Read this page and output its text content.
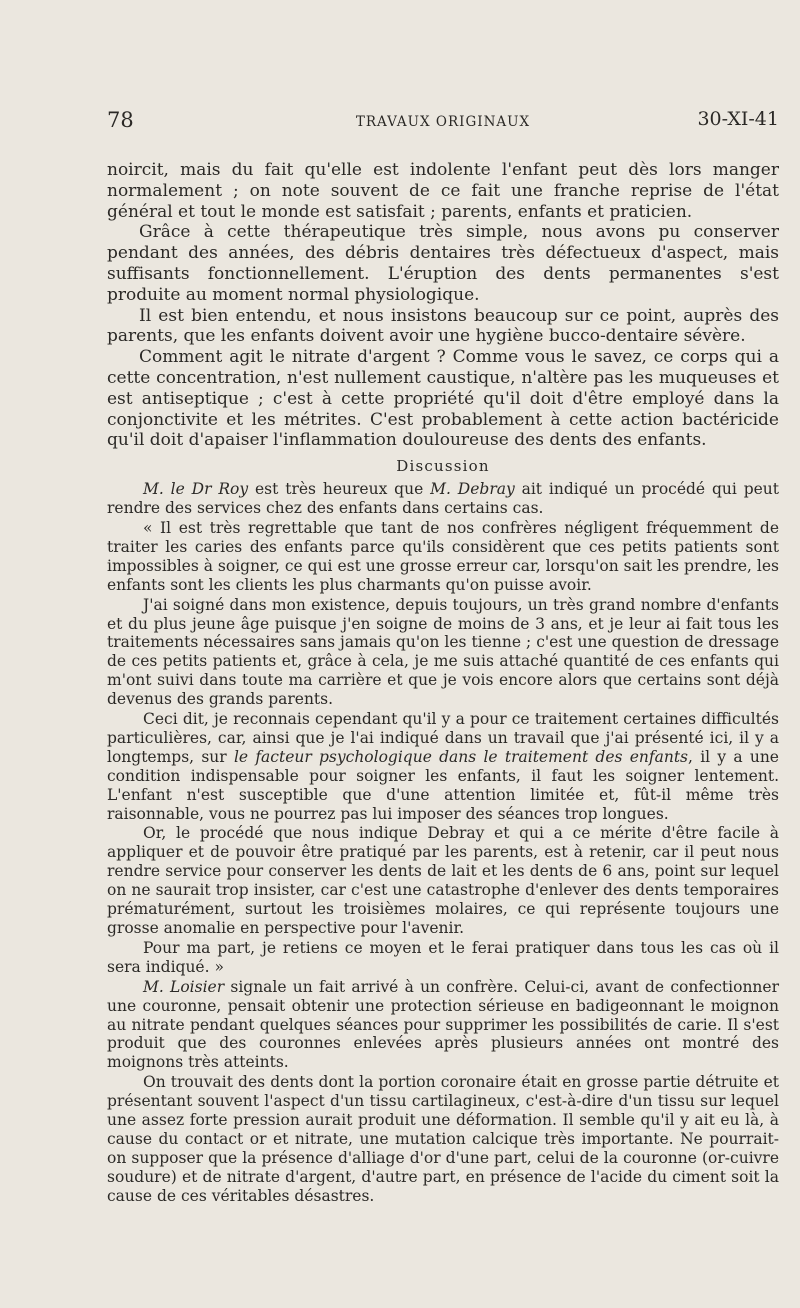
78	TRAVAUX ORIGINAUX	30-XI-41

noircit, mais du fait qu'elle est indolente l'enfant peut dès lors manger normalement ; on note souvent de ce fait une franche reprise de l'état général et tout le monde est satisfait ; parents, enfants et praticien.

Grâce à cette thérapeutique très simple, nous avons pu conserver pendant des années, des débris dentaires très défectueux d'aspect, mais suffisants fonctionnellement. L'éruption des dents permanentes s'est produite au moment normal physiologique.

Il est bien entendu, et nous insistons beaucoup sur ce point, auprès des parents, que les enfants doivent avoir une hygiène bucco-dentaire sévère.

Comment agit le nitrate d'argent ? Comme vous le savez, ce corps qui a cette concentration, n'est nullement caustique, n'altère pas les muqueuses et est antiseptique ; c'est à cette propriété qu'il doit d'être employé dans la conjonctivite et les métrites. C'est probablement à cette action bactéricide qu'il doit d'apaiser l'inflammation douloureuse des dents des enfants.

Discussion

M. le Dr Roy est très heureux que M. Debray ait indiqué un procédé qui peut rendre des services chez des enfants dans certains cas.

« Il est très regrettable que tant de nos confrères négligent fréquemment de traiter les caries des enfants parce qu'ils considèrent que ces petits patients sont impossibles à soigner, ce qui est une grosse erreur car, lorsqu'on sait les prendre, les enfants sont les clients les plus charmants qu'on puisse avoir.

J'ai soigné dans mon existence, depuis toujours, un très grand nombre d'enfants et du plus jeune âge puisque j'en soigne de moins de 3 ans, et je leur ai fait tous les traitements nécessaires sans jamais qu'on les tienne ; c'est une question de dressage de ces petits patients et, grâce à cela, je me suis attaché quantité de ces enfants qui m'ont suivi dans toute ma carrière et que je vois encore alors que certains sont déjà devenus des grands parents.

Ceci dit, je reconnais cependant qu'il y a pour ce traitement certaines difficultés particulières, car, ainsi que je l'ai indiqué dans un travail que j'ai présenté ici, il y a longtemps, sur le facteur psychologique dans le traitement des enfants, il y a une condition indispensable pour soigner les enfants, il faut les soigner lentement. L'enfant n'est susceptible que d'une attention limitée et, fût-il même très raisonnable, vous ne pourrez pas lui imposer des séances trop longues.

Or, le procédé que nous indique Debray et qui a ce mérite d'être facile à appliquer et de pouvoir être pratiqué par les parents, est à retenir, car il peut nous rendre service pour conserver les dents de lait et les dents de 6 ans, point sur lequel on ne saurait trop insister, car c'est une catastrophe d'enlever des dents temporaires prématurément, surtout les troisièmes molaires, ce qui représente toujours une grosse anomalie en perspective pour l'avenir.

Pour ma part, je retiens ce moyen et le ferai pratiquer dans tous les cas où il sera indiqué. »

M. Loisier signale un fait arrivé à un confrère. Celui-ci, avant de confectionner une couronne, pensait obtenir une protection sérieuse en badigeonnant le moignon au nitrate pendant quelques séances pour supprimer les possibilités de carie. Il s'est produit que des couronnes enlevées après plusieurs années ont montré des moignons très atteints.

On trouvait des dents dont la portion coronaire était en grosse partie détruite et présentant souvent l'aspect d'un tissu cartilagineux, c'est-à-dire d'un tissu sur lequel une assez forte pression aurait produit une déformation. Il semble qu'il y ait eu là, à cause du contact or et nitrate, une mutation calcique très importante. Ne pourrait-on supposer que la présence d'alliage d'or d'une part, celui de la couronne (or-cuivre soudure) et de nitrate d'argent, d'autre part, en présence de l'acide du ciment soit la cause de ces véritables désastres.
